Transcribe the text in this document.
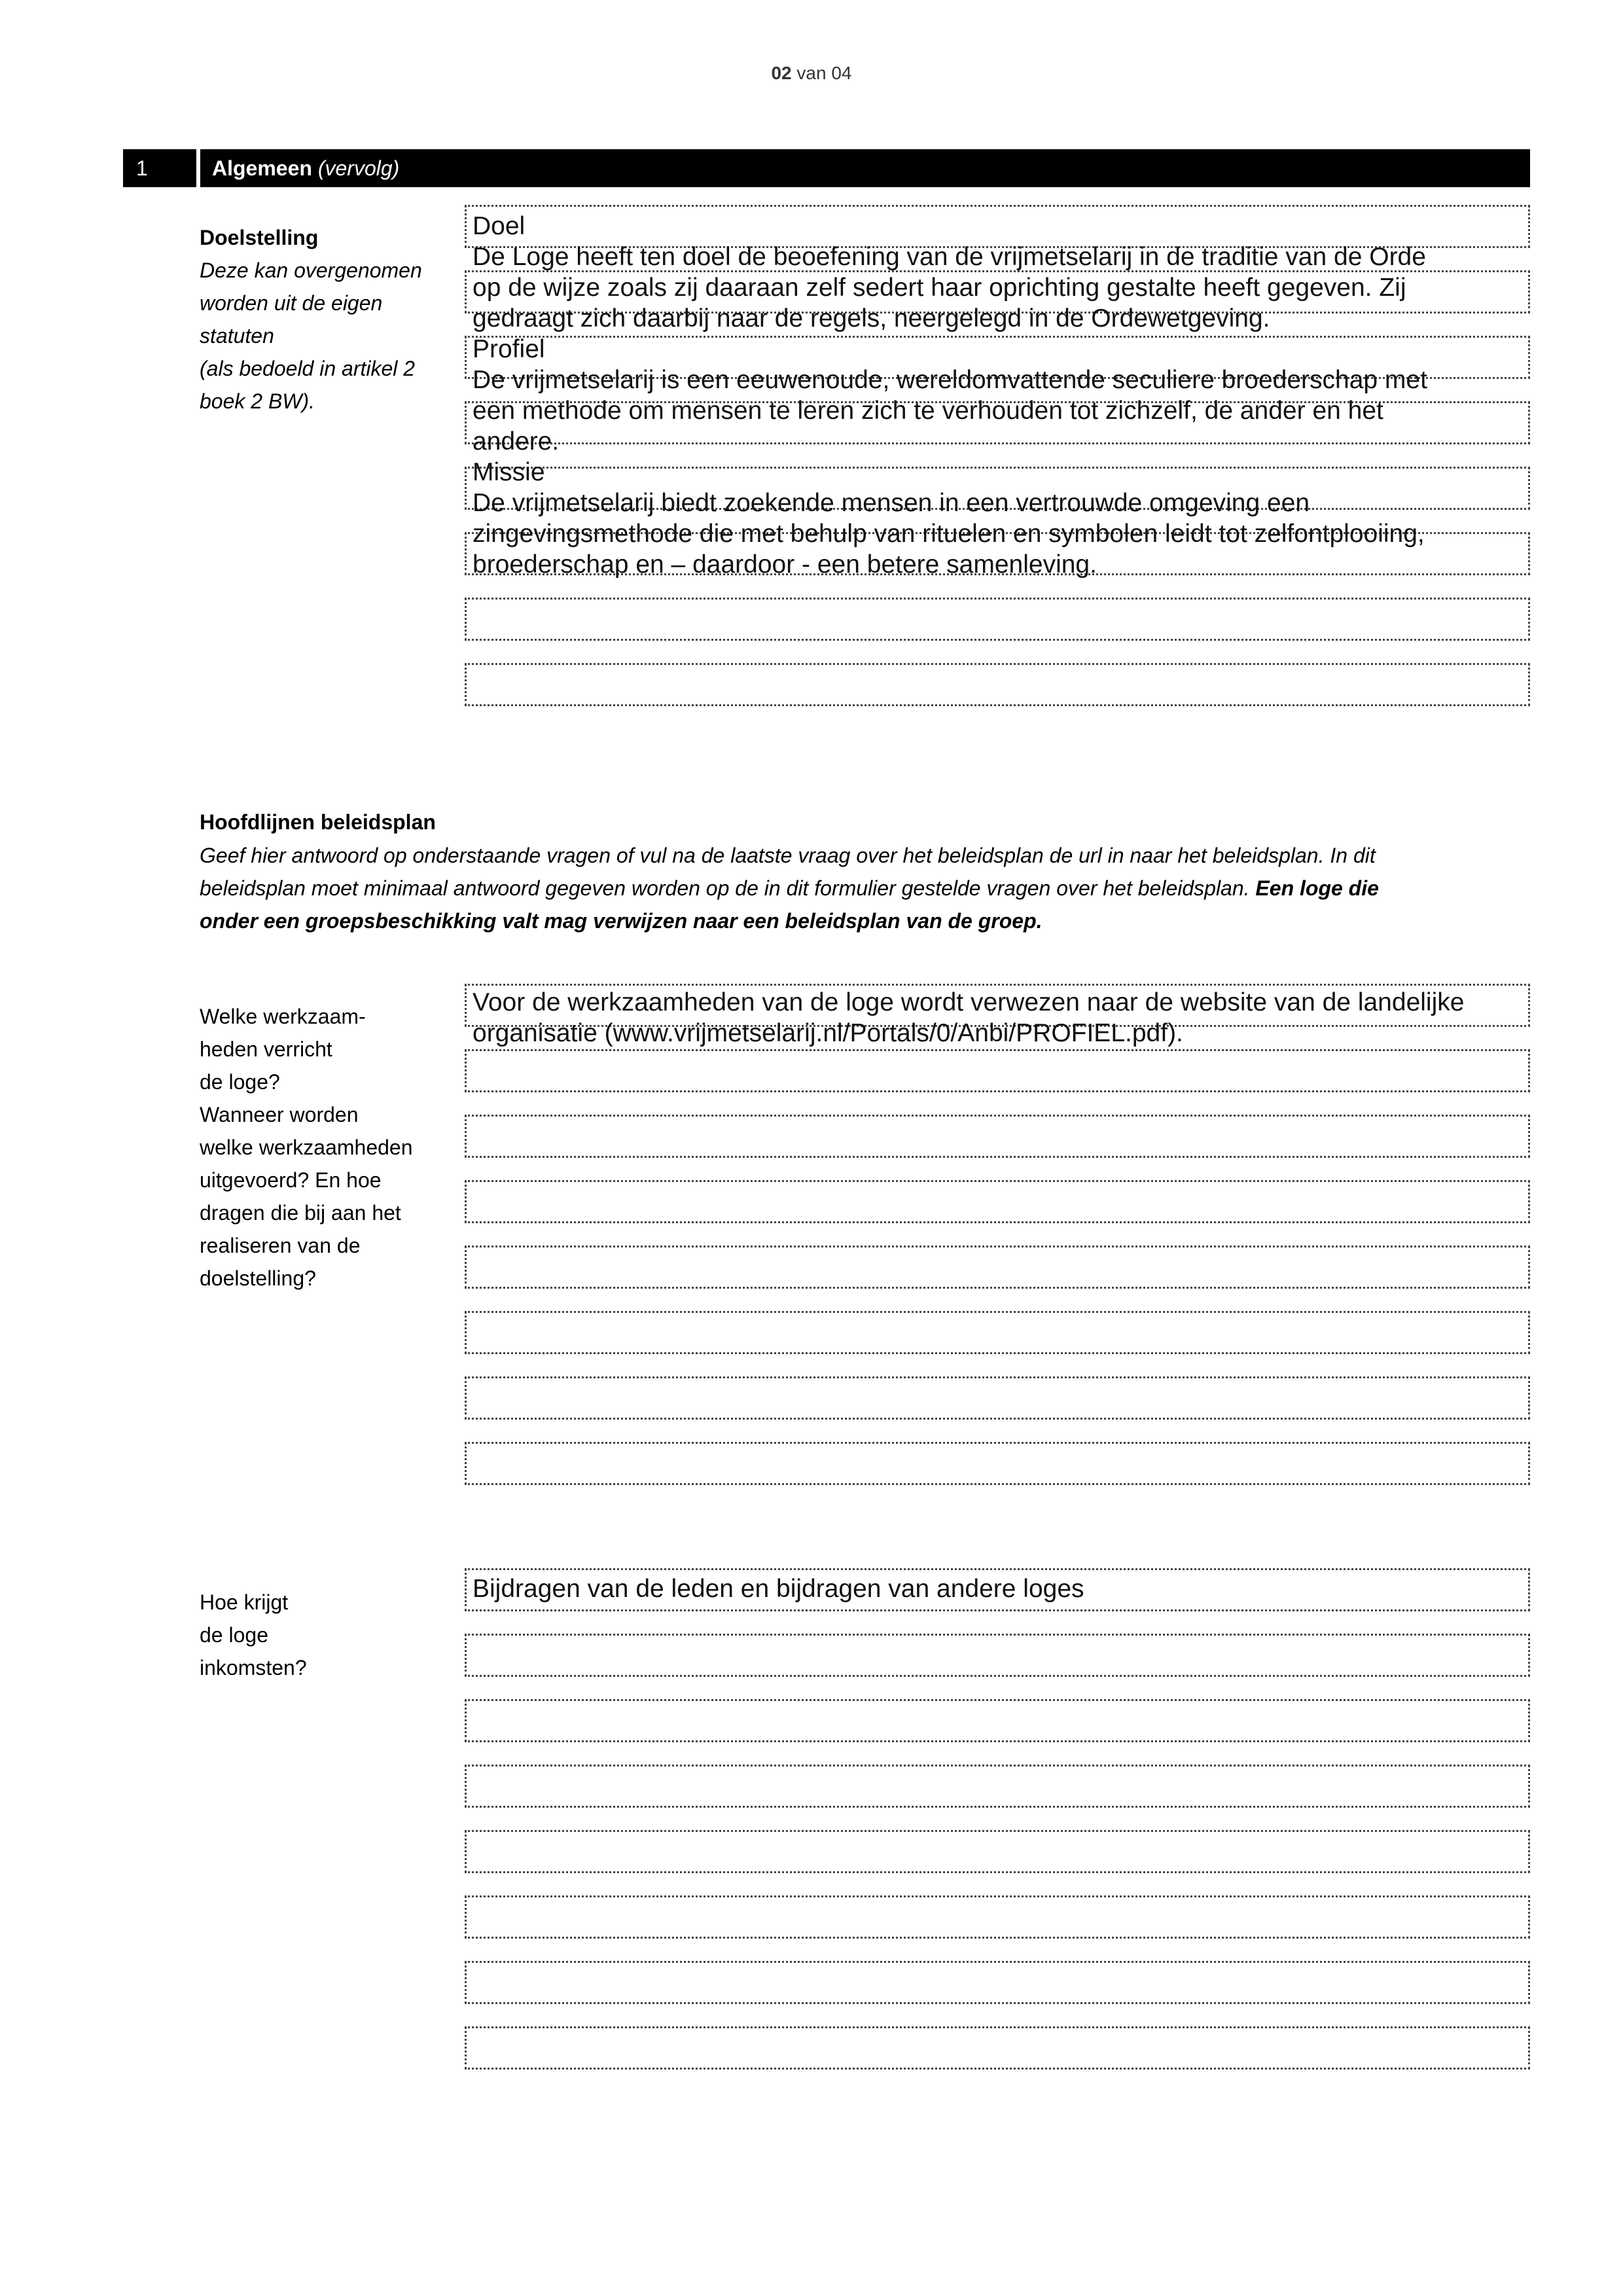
02 van 04
1	Algemeen (vervolg)
Doelstelling
Deze kan overgenomen
worden uit de eigen
statuten
(als bedoeld in artikel 2
boek 2 BW).
Doel
De Loge heeft ten doel de beoefening van de vrijmetselarij in de traditie van de Orde
op de wijze zoals zij daaraan zelf sedert haar oprichting gestalte heeft gegeven. Zij
gedraagt zich daarbij naar de regels, neergelegd in de Ordewetgeving.
Profiel
De vrijmetselarij is een eeuwenoude, wereldomvattende seculiere broederschap met
een methode om mensen te leren zich te verhouden tot zichzelf, de ander en het
andere.
Missie
De vrijmetselarij biedt zoekende mensen in een vertrouwde omgeving een
zingevingsmethode die met behulp van rituelen en symbolen leidt tot zelfontplooiing,
broederschap en – daardoor - een betere samenleving.
Hoofdlijnen beleidsplan
Geef hier antwoord op onderstaande vragen of vul na de laatste vraag over het beleidsplan de url in naar het beleidsplan. In dit
beleidsplan moet minimaal antwoord gegeven worden op de in dit formulier gestelde vragen over het beleidsplan. Een loge die
onder een groepsbeschikking valt mag verwijzen naar een beleidsplan van de groep.
Welke werkzaam-
heden verricht
de loge?
Wanneer worden
welke werkzaamheden
uitgevoerd? En hoe
dragen die bij aan het
realiseren van de
doelstelling?
Voor de werkzaamheden van de loge wordt verwezen naar de website van de landelijke
organisatie (www.vrijmetselarij.nl/Portals/0/Anbi/PROFIEL.pdf).
Hoe krijgt
de loge
inkomsten?
Bijdragen van de leden en bijdragen van andere loges
